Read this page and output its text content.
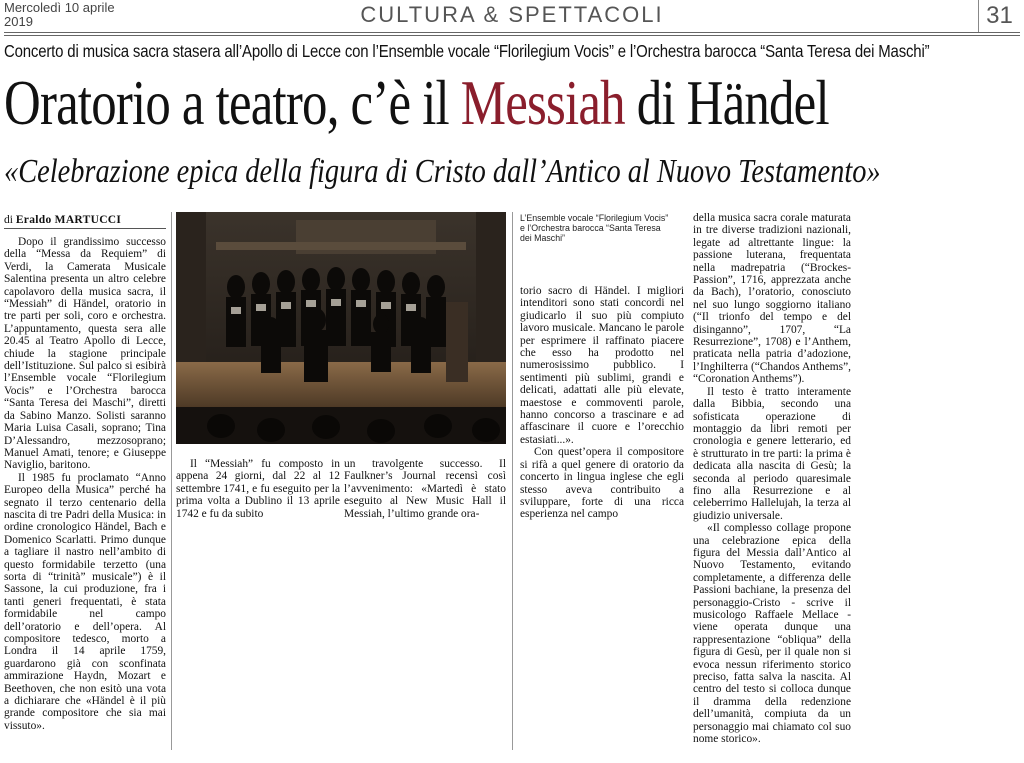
Mercoledì 10 aprile
2019	CULTURA & SPETTACOLI	31
Concerto di musica sacra stasera all’Apollo di Lecce con l’Ensemble vocale “Florilegium Vocis” e l’Orchestra barocca “Santa Teresa dei Maschi”
Oratorio a teatro, c’è il Messiah di Händel
«Celebrazione epica della figura di Cristo dall’Antico al Nuovo Testamento»
di Eraldo MARTUCCI

Dopo il grandissimo successo della “Messa da Requiem” di Verdi, la Camerata Musicale Salentina presenta un altro celebre capolavoro della musica sacra, il “Messiah” di Händel, oratorio in tre parti per soli, coro e orchestra. L’appuntamento, questa sera alle 20.45 al Teatro Apollo di Lecce, chiude la stagione principale dell’Istituzione. Sul palco si esibirà l’Ensemble vocale “Florilegium Vocis” e l’Orchestra barocca “Santa Teresa dei Maschi”, diretti da Sabino Manzo. Solisti saranno Maria Luisa Casali, soprano; Tina D’Alessandro, mezzosoprano; Manuel Amati, tenore; e Giuseppe Naviglio, baritono.

Il 1985 fu proclamato “Anno Europeo della Musica” perché ha segnato il terzo centenario della nascita di tre Padri della Musica: in ordine cronologico Händel, Bach e Domenico Scarlatti. Primo dunque a tagliare il nastro nell’ambito di questo formidabile terzetto (una sorta di “trinità” musicale”) è il Sassone, la cui produzione, fra i tanti generi frequentati, è stata formidabile nel campo dell’oratorio e dell’opera. Al compositore tedesco, morto a Londra il 14 aprile 1759, guardarono già con sconfinata ammirazione Haydn, Mozart e Beethoven, che non esitò una vota a dichiarare che «Händel è il più grande compositore che sia mai vissuto».

L’Ensemble vocale “Florilegium Vocis” e l’Orchestra barocca “Santa Teresa dei Maschi”

Il “Messiah” fu composto in appena 24 giorni, dal 22 al 12 settembre 1741, e fu eseguito per la prima volta a Dublino il 13 aprile 1742 e fu da subito

un travolgente successo. Il Faulkner’s Journal recensì così l’avvenimento: «Martedì è stato eseguito al New Music Hall il Messiah, l’ultimo grande ora-

torio sacro di Händel. I migliori intenditori sono stati concordi nel giudicarlo il suo più compiuto lavoro musicale. Mancano le parole per esprimere il raffinato piacere che esso ha prodotto nel numerosissimo pubblico. I sentimenti più sublimi, grandi e delicati, adattati alle più elevate, maestose e commoventi parole, hanno concorso a trascinare e ad affascinare il cuore e l’orecchio estasiati...».

Con quest’opera il compositore si rifà a quel genere di oratorio da concerto in lingua inglese che egli stesso aveva contribuito a sviluppare, forte di una ricca esperienza nel campo

della musica sacra corale maturata in tre diverse tradizioni nazionali, legate ad altrettante lingue: la passione luterana, frequentata nella madrepatria (“Brockes-Passion”, 1716, apprezzata anche da Bach), l’oratorio, conosciuto nel suo lungo soggiorno italiano (“Il trionfo del tempo e del disinganno”, 1707, “La Resurrezione”, 1708) e l’Anthem, praticata nella patria d’adozione, l’Inghilterra (“Chandos Anthems”, “Coronation Anthems”).

Il testo è tratto interamente dalla Bibbia, secondo una sofisticata operazione di montaggio da libri remoti per cronologia e genere letterario, ed è strutturato in tre parti: la prima è dedicata alla nascita di Gesù; la seconda al periodo quaresimale fino alla Resurrezione e al celeberrimo Hallelujah, la terza al giudizio universale.

«Il complesso collage propone una celebrazione epica della figura del Messia dall’Antico al Nuovo Testamento, evitando completamente, a differenza delle Passioni bachiane, la presenza del personaggio-Cristo - scrive il musicologo Raffaele Mellace - viene operata dunque una rappresentazione “obliqua” della figura di Gesù, per il quale non si evoca nessun riferimento storico preciso, fatta salva la nascita. Al centro del testo si colloca dunque il dramma della redenzione dell’umanità, compiuta da un personaggio mai chiamato col suo nome storico».
